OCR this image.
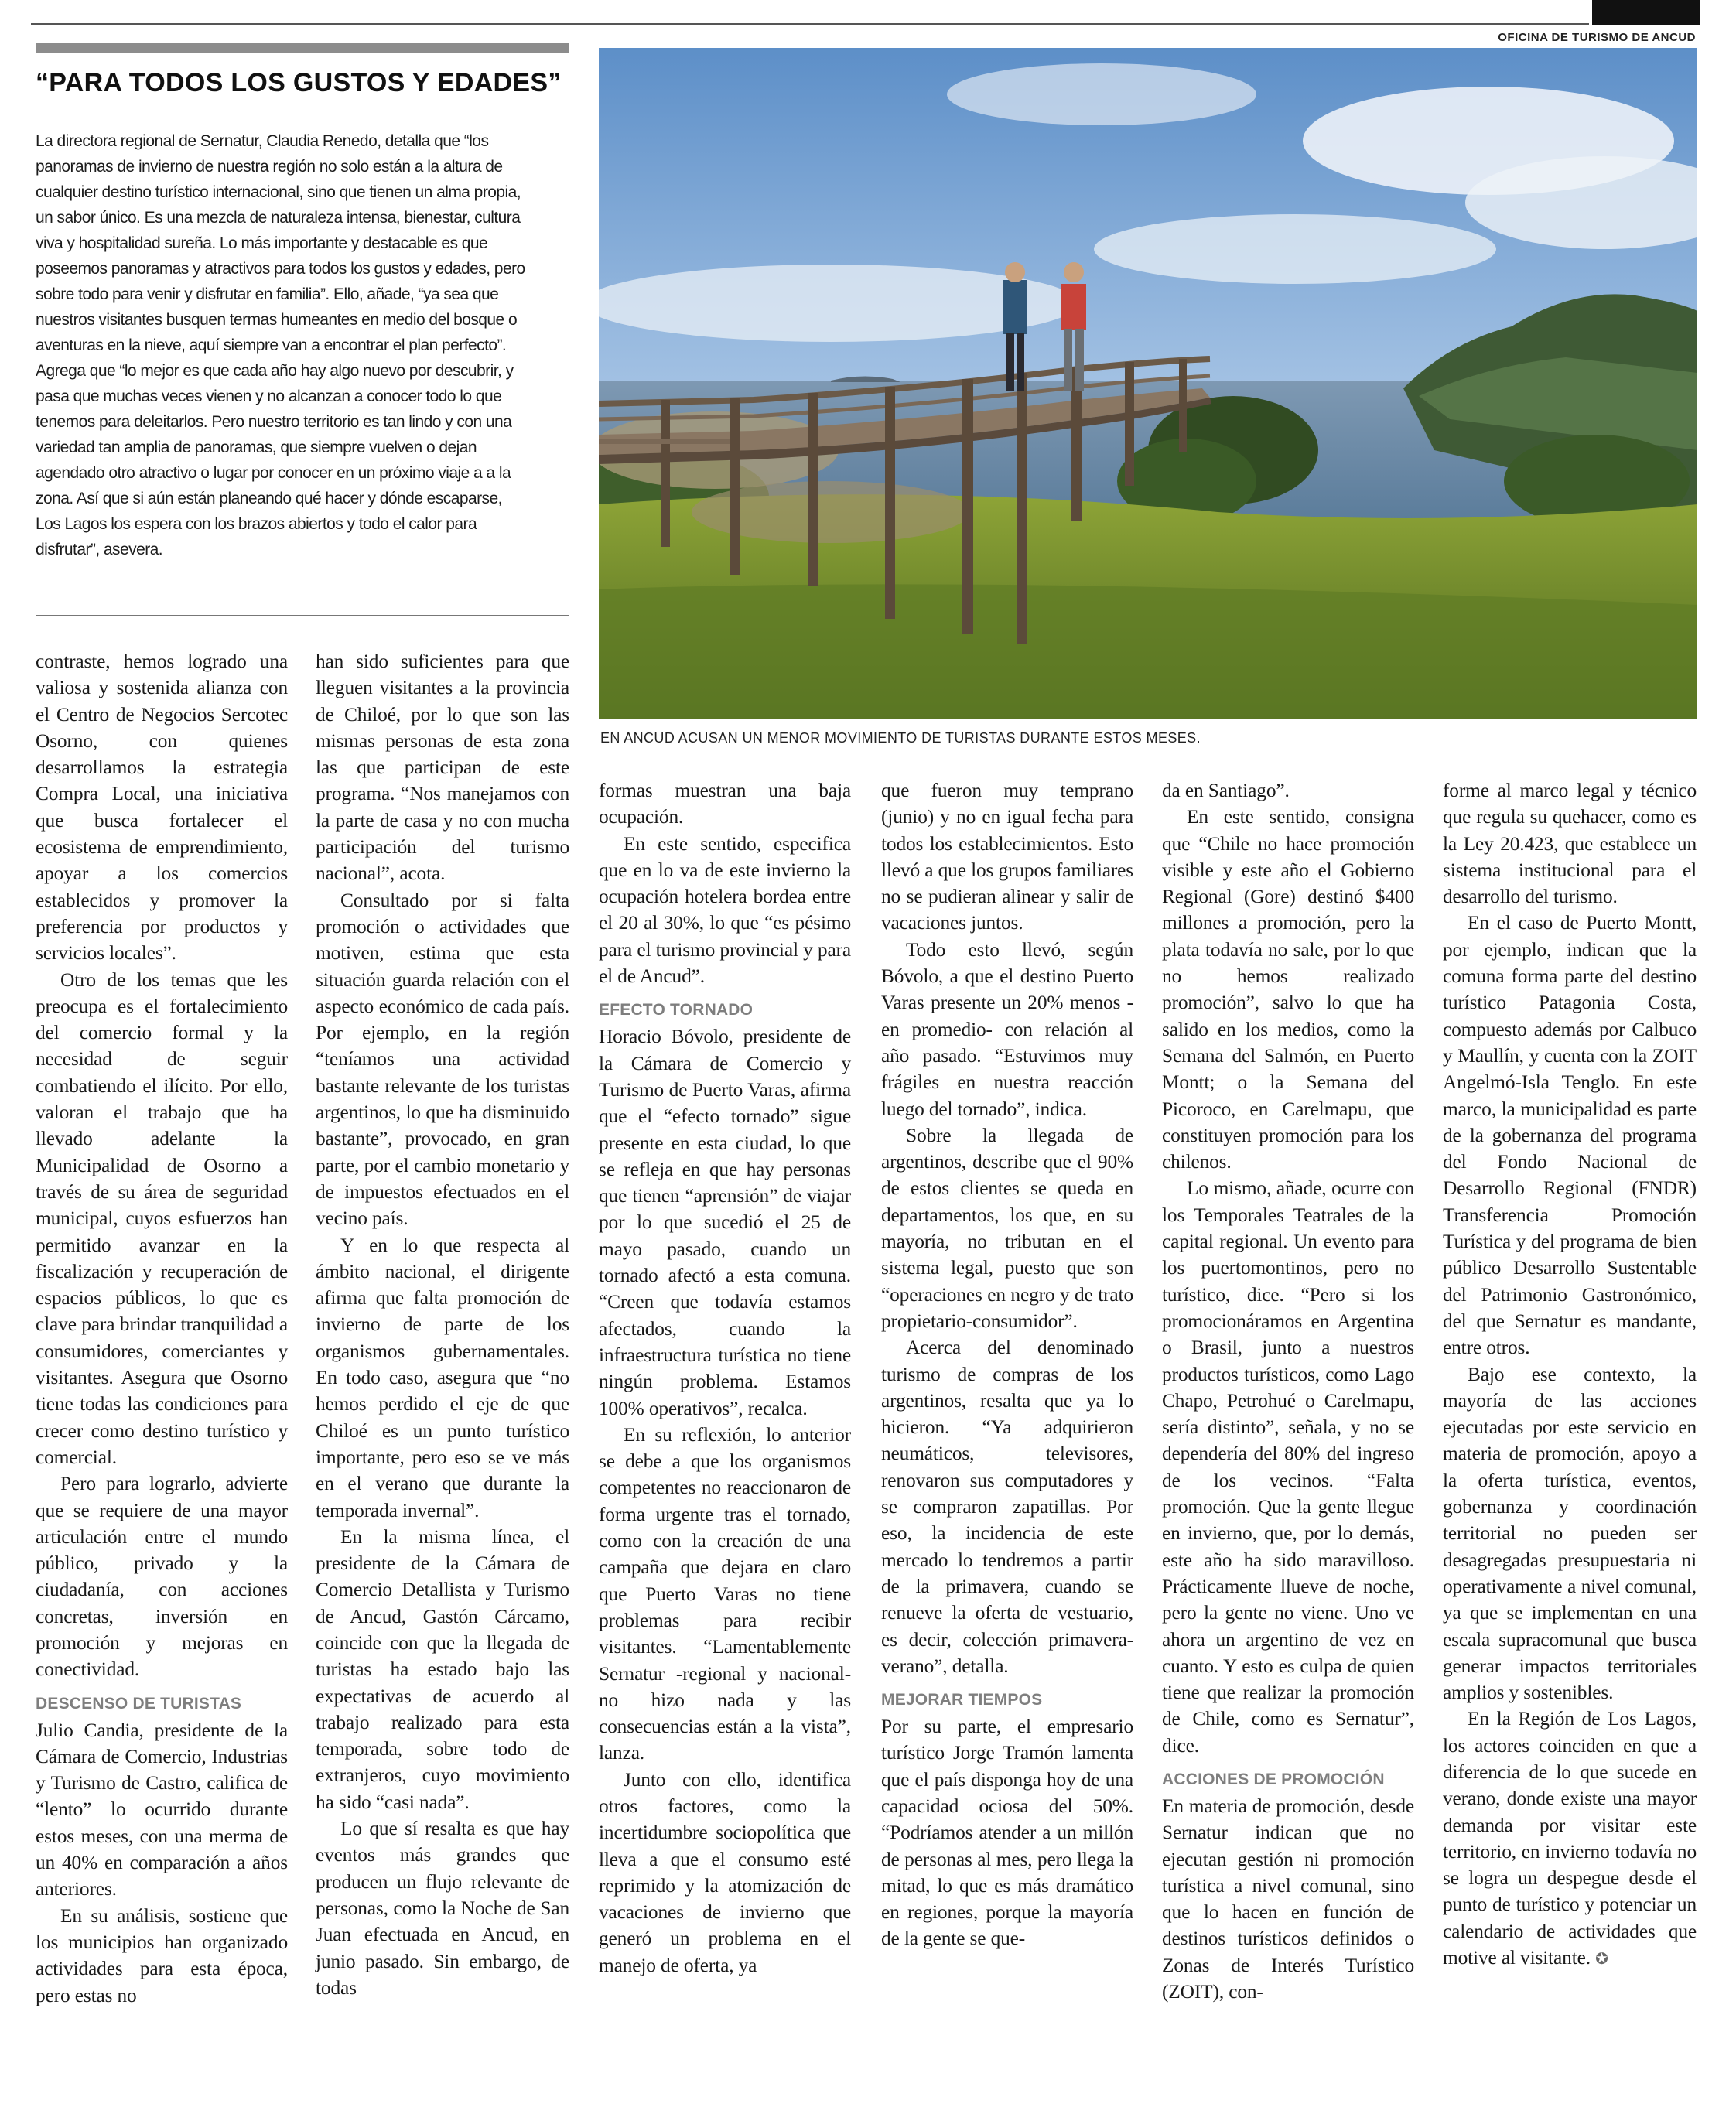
OFICINA DE TURISMO DE ANCUD
“PARA TODOS LOS GUSTOS Y EDADES”

La directora regional de Sernatur, Claudia Renedo, detalla que “los panoramas de invierno de nuestra región no solo están a la altura de cualquier destino turístico internacional, sino que tienen un alma propia, un sabor único. Es una mezcla de naturaleza intensa, bienestar, cultura viva y hospitalidad sureña. Lo más importante y destacable es que poseemos panoramas y atractivos para todos los gustos y edades, pero sobre todo para venir y disfrutar en familia”. Ello, añade, “ya sea que nuestros visitantes busquen termas humeantes en medio del bosque o aventuras en la nieve, aquí siempre van a encontrar el plan perfecto”. Agrega que “lo mejor es que cada año hay algo nuevo por descubrir, y pasa que muchas veces vienen y no alcanzan a conocer todo lo que tenemos para deleitarlos. Pero nuestro territorio es tan lindo y con una variedad tan amplia de panoramas, que siempre vuelven o dejan agendado otro atractivo o lugar por conocer en un próximo viaje a a la zona. Así que si aún están planeando qué hacer y dónde escaparse, Los Lagos los espera con los brazos abiertos y todo el calor para disfrutar”, asevera.

EN ANCUD ACUSAN UN MENOR MOVIMIENTO DE TURISTAS DURANTE ESTOS MESES.

contraste, hemos logrado una valiosa y sostenida alianza con el Centro de Negocios Sercotec Osorno, con quienes desarrollamos la estrategia Compra Local, una iniciativa que busca fortalecer el ecosistema de emprendimiento, apoyar a los comercios establecidos y promover la preferencia por productos y servicios locales”.

Otro de los temas que les preocupa es el fortalecimiento del comercio formal y la necesidad de seguir combatiendo el ilícito. Por ello, valoran el trabajo que ha llevado adelante la Municipalidad de Osorno a través de su área de seguridad municipal, cuyos esfuerzos han permitido avanzar en la fiscalización y recuperación de espacios públicos, lo que es clave para brindar tranquilidad a consumidores, comerciantes y visitantes. Asegura que Osorno tiene todas las condiciones para crecer como destino turístico y comercial.

Pero para lograrlo, advierte que se requiere de una mayor articulación entre el mundo público, privado y la ciudadanía, con acciones concretas, inversión en promoción y mejoras en conectividad.

DESCENSO DE TURISTAS

Julio Candia, presidente de la Cámara de Comercio, Industrias y Turismo de Castro, califica de “lento” lo ocurrido durante estos meses, con una merma de un 40% en comparación a años anteriores.

En su análisis, sostiene que los municipios han organizado actividades para esta época, pero estas no

han sido suficientes para que lleguen visitantes a la provincia de Chiloé, por lo que son las mismas personas de esta zona las que participan de este programa. “Nos manejamos con la parte de casa y no con mucha participación del turismo nacional”, acota.

Consultado por si falta promoción o actividades que motiven, estima que esta situación guarda relación con el aspecto económico de cada país. Por ejemplo, en la región “teníamos una actividad bastante relevante de los turistas argentinos, lo que ha disminuido bastante”, provocado, en gran parte, por el cambio monetario y de impuestos efectuados en el vecino país.

Y en lo que respecta al ámbito nacional, el dirigente afirma que falta promoción de invierno de parte de los organismos gubernamentales. En todo caso, asegura que “no hemos perdido el eje de que Chiloé es un punto turístico importante, pero eso se ve más en el verano que durante la temporada invernal”.

En la misma línea, el presidente de la Cámara de Comercio Detallista y Turismo de Ancud, Gastón Cárcamo, coincide con que la llegada de turistas ha estado bajo las expectativas de acuerdo al trabajo realizado para esta temporada, sobre todo de extranjeros, cuyo movimiento ha sido “casi nada”.

Lo que sí resalta es que hay eventos más grandes que producen un flujo relevante de personas, como la Noche de San Juan efectuada en Ancud, en junio pasado. Sin embargo, de todas

formas muestran una baja ocupación.

En este sentido, especifica que en lo va de este invierno la ocupación hotelera bordea entre el 20 al 30%, lo que “es pésimo para el turismo provincial y para el de Ancud”.

EFECTO TORNADO

Horacio Bóvolo, presidente de la Cámara de Comercio y Turismo de Puerto Varas, afirma que el “efecto tornado” sigue presente en esta ciudad, lo que se refleja en que hay personas que tienen “aprensión” de viajar por lo que sucedió el 25 de mayo pasado, cuando un tornado afectó a esta comuna. “Creen que todavía estamos afectados, cuando la infraestructura turística no tiene ningún problema. Estamos 100% operativos”, recalca.

En su reflexión, lo anterior se debe a que los organismos competentes no reaccionaron de forma urgente tras el tornado, como con la creación de una campaña que dejara en claro que Puerto Varas no tiene problemas para recibir visitantes. “Lamentablemente Sernatur -regional y nacional- no hizo nada y las consecuencias están a la vista”, lanza.

Junto con ello, identifica otros factores, como la incertidumbre sociopolítica que lleva a que el consumo esté reprimido y la atomización de vacaciones de invierno que generó un problema en el manejo de oferta, ya

que fueron muy temprano (junio) y no en igual fecha para todos los establecimientos. Esto llevó a que los grupos familiares no se pudieran alinear y salir de vacaciones juntos.

Todo esto llevó, según Bóvolo, a que el destino Puerto Varas presente un 20% menos -en promedio- con relación al año pasado. “Estuvimos muy frágiles en nuestra reacción luego del tornado”, indica.

Sobre la llegada de argentinos, describe que el 90% de estos clientes se queda en departamentos, los que, en su mayoría, no tributan en el sistema legal, puesto que son “operaciones en negro y de trato propietario-consumidor”.

Acerca del denominado turismo de compras de los argentinos, resalta que ya lo hicieron. “Ya adquirieron neumáticos, televisores, renovaron sus computadores y se compraron zapatillas. Por eso, la incidencia de este mercado lo tendremos a partir de la primavera, cuando se renueve la oferta de vestuario, es decir, colección primavera-verano”, detalla.

MEJORAR TIEMPOS

Por su parte, el empresario turístico Jorge Tramón lamenta que el país disponga hoy de una capacidad ociosa del 50%. “Podríamos atender a un millón de personas al mes, pero llega la mitad, lo que es más dramático en regiones, porque la mayoría de la gente se que-

da en Santiago”.

En este sentido, consigna que “Chile no hace promoción visible y este año el Gobierno Regional (Gore) destinó $400 millones a promoción, pero la plata todavía no sale, por lo que no hemos realizado promoción”, salvo lo que ha salido en los medios, como la Semana del Salmón, en Puerto Montt; o la Semana del Picoroco, en Carelmapu, que constituyen promoción para los chilenos.

Lo mismo, añade, ocurre con los Temporales Teatrales de la capital regional. Un evento para los puertomontinos, pero no turístico, dice. “Pero si los promocionáramos en Argentina o Brasil, junto a nuestros productos turísticos, como Lago Chapo, Petrohué o Carelmapu, sería distinto”, señala, y no se dependería del 80% del ingreso de los vecinos. “Falta promoción. Que la gente llegue en invierno, que, por lo demás, este año ha sido maravilloso. Prácticamente llueve de noche, pero la gente no viene. Uno ve ahora un argentino de vez en cuanto. Y esto es culpa de quien tiene que realizar la promoción de Chile, como es Sernatur”, dice.

ACCIONES DE PROMOCIÓN

En materia de promoción, desde Sernatur indican que no ejecutan gestión ni promoción turística a nivel comunal, sino que lo hacen en función de destinos turísticos definidos o Zonas de Interés Turístico (ZOIT), con-

forme al marco legal y técnico que regula su quehacer, como es la Ley 20.423, que establece un sistema institucional para el desarrollo del turismo.

En el caso de Puerto Montt, por ejemplo, indican que la comuna forma parte del destino turístico Patagonia Costa, compuesto además por Calbuco y Maullín, y cuenta con la ZOIT Angelmó-Isla Tenglo. En este marco, la municipalidad es parte de la gobernanza del programa del Fondo Nacional de Desarrollo Regional (FNDR) Transferencia Promoción Turística y del programa de bien público Desarrollo Sustentable del Patrimonio Gastronómico, del que Sernatur es mandante, entre otros.

Bajo ese contexto, la mayoría de las acciones ejecutadas por este servicio en materia de promoción, apoyo a la oferta turística, eventos, gobernanza y coordinación territorial no pueden ser desagregadas presupuestaria ni operativamente a nivel comunal, ya que se implementan en una escala supracomunal que busca generar impactos territoriales amplios y sostenibles.

En la Región de Los Lagos, los actores coinciden en que a diferencia de lo que sucede en verano, donde existe una mayor demanda por visitar este territorio, en invierno todavía no se logra un despegue desde el punto de turístico y potenciar un calendario de actividades que motive al visitante. ✪
